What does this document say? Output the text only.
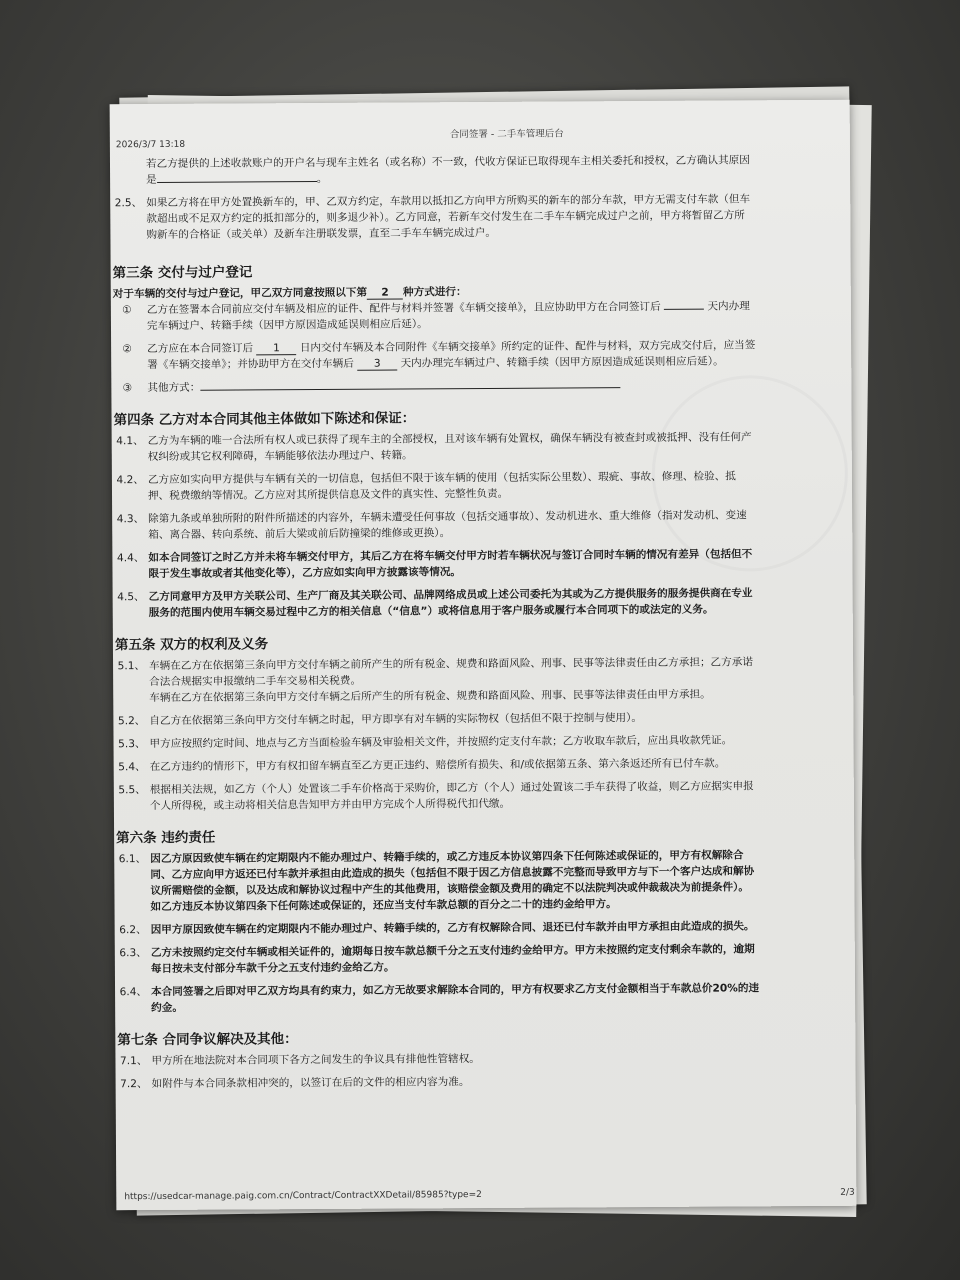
2026/3/7 13:18
合同签署 - 二手车管理后台
若乙方提供的上述收款账户的开户名与现车主姓名（或名称）不一致，代收方保证已取得现车主相关委托和授权，乙方确认其原因
是	。
2.5、 如果乙方将在甲方处置换新车的，甲、乙双方约定，车款用以抵扣乙方向甲方所购买的新车的部分车款，甲方无需支付车款（但车
款超出或不足双方约定的抵扣部分的，则多退少补）。乙方同意，若新车交付发生在二手车车辆完成过户之前，甲方将暂留乙方所
购新车的合格证（或关单）及新车注册联发票，直至二手车车辆完成过户。
第三条 交付与过户登记
对于车辆的交付与过户登记，甲乙双方同意按照以下第 2 种方式进行：
①	乙方在签署本合同前应交付车辆及相应的证件、配件与材料并签署《车辆交接单》，且应协助甲方在合同签订后	天内办理
完车辆过户、转籍手续（因甲方原因造成延误则相应后延）。
②	乙方应在本合同签订后 1 日内交付车辆及本合同附件《车辆交接单》所约定的证件、配件与材料，双方完成交付后，应当签
署《车辆交接单》；并协助甲方在交付车辆后 3 天内办理完车辆过户、转籍手续（因甲方原因造成延误则相应后延）。
③	其他方式：
第四条 乙方对本合同其他主体做如下陈述和保证：
4.1、 乙方为车辆的唯一合法所有权人或已获得了现车主的全部授权，且对该车辆有处置权，确保车辆没有被查封或被抵押、没有任何产
权纠纷或其它权利障碍，车辆能够依法办理过户、转籍。
4.2、 乙方应如实向甲方提供与车辆有关的一切信息，包括但不限于该车辆的使用（包括实际公里数）、瑕疵、事故、修理、检验、抵
押、税费缴纳等情况。乙方应对其所提供信息及文件的真实性、完整性负责。
4.3、 除第九条或单独所附的附件所描述的内容外，车辆未遭受任何事故（包括交通事故）、发动机进水、重大维修（指对发动机、变速
箱、离合器、转向系统、前后大梁或前后防撞梁的维修或更换）。
4.4、 如本合同签订之时乙方并未将车辆交付甲方，其后乙方在将车辆交付甲方时若车辆状况与签订合同时车辆的情况有差异（包括但不
限于发生事故或者其他变化等），乙方应如实向甲方披露该等情况。
4.5、 乙方同意甲方及甲方关联公司、生产厂商及其关联公司、品牌网络成员或上述公司委托为其或为乙方提供服务的服务提供商在专业
服务的范围内使用车辆交易过程中乙方的相关信息（“信息”）或将信息用于客户服务或履行本合同项下的或法定的义务。
第五条 双方的权利及义务
5.1、 车辆在乙方在依据第三条向甲方交付车辆之前所产生的所有税金、规费和路面风险、刑事、民事等法律责任由乙方承担；乙方承诺
合法合规据实申报缴纳二手车交易相关税费。
车辆在乙方在依据第三条向甲方交付车辆之后所产生的所有税金、规费和路面风险、刑事、民事等法律责任由甲方承担。
5.2、 自乙方在依据第三条向甲方交付车辆之时起，甲方即享有对车辆的实际物权（包括但不限于控制与使用）。
5.3、 甲方应按照约定时间、地点与乙方当面检验车辆及审验相关文件，并按照约定支付车款；乙方收取车款后，应出具收款凭证。
5.4、 在乙方违约的情形下，甲方有权扣留车辆直至乙方更正违约、赔偿所有损失、和/或依据第五条、第六条返还所有已付车款。
5.5、 根据相关法规，如乙方（个人）处置该二手车价格高于采购价，即乙方（个人）通过处置该二手车获得了收益，则乙方应据实申报
个人所得税，或主动将相关信息告知甲方并由甲方完成个人所得税代扣代缴。
第六条 违约责任
6.1、 因乙方原因致使车辆在约定期限内不能办理过户、转籍手续的，或乙方违反本协议第四条下任何陈述或保证的，甲方有权解除合
同、乙方应向甲方返还已付车款并承担由此造成的损失（包括但不限于因乙方信息披露不完整而导致甲方与下一个客户达成和解协
议所需赔偿的金额，以及达成和解协议过程中产生的其他费用，该赔偿金额及费用的确定不以法院判决或仲裁裁决为前提条件）。
如乙方违反本协议第四条下任何陈述或保证的，还应当支付车款总额的百分之二十的违约金给甲方。
6.2、 因甲方原因致使车辆在约定期限内不能办理过户、转籍手续的，乙方有权解除合同、退还已付车款并由甲方承担由此造成的损失。
6.3、 乙方未按照约定交付车辆或相关证件的，逾期每日按车款总额千分之五支付违约金给甲方。甲方未按照约定支付剩余车款的，逾期
每日按未支付部分车款千分之五支付违约金给乙方。
6.4、 本合同签署之后即对甲乙双方均具有约束力，如乙方无故要求解除本合同的，甲方有权要求乙方支付金额相当于车款总价20%的违
约金。
第七条 合同争议解决及其他：
7.1、 甲方所在地法院对本合同项下各方之间发生的争议具有排他性管辖权。
7.2、 如附件与本合同条款相冲突的，以签订在后的文件的相应内容为准。
https://usedcar-manage.paig.com.cn/Contract/ContractXXDetail/85985?type=2	2/3
